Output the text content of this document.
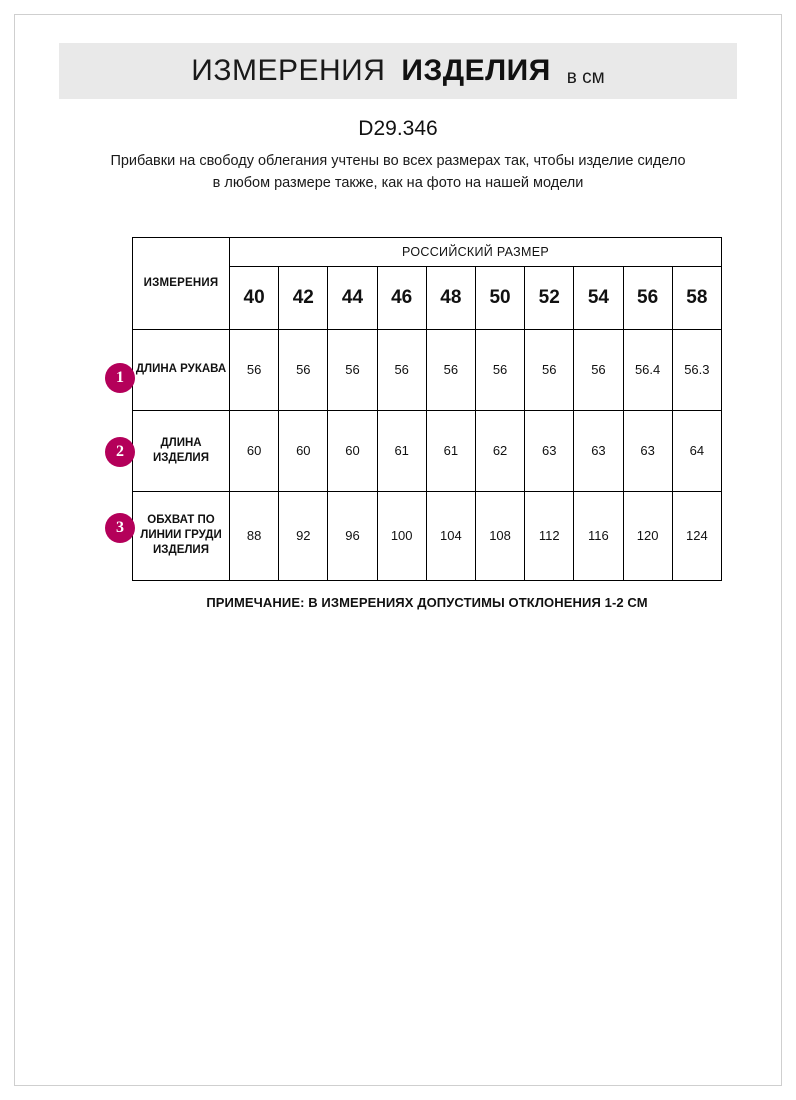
ИЗМЕРЕНИЯ ИЗДЕЛИЯ в см
D29.346
Прибавки на свободу облегания учтены во всех размерах так, чтобы изделие сидело в любом размере также, как на фото на нашей модели
1
2
3
ИЗМЕРЕНИЯ	РОССИЙСКИЙ РАЗМЕР									
	40	42	44	46	48	50	52	54	56	58
ДЛИНА РУКАВА	56	56	56	56	56	56	56	56	56.4	56.3
ДЛИНА ИЗДЕЛИЯ	60	60	60	61	61	62	63	63	63	64
ОБХВАТ ПО ЛИНИИ ГРУДИ ИЗДЕЛИЯ	88	92	96	100	104	108	112	116	120	124
ПРИМЕЧАНИЕ: В ИЗМЕРЕНИЯХ ДОПУСТИМЫ ОТКЛОНЕНИЯ 1-2 СМ
